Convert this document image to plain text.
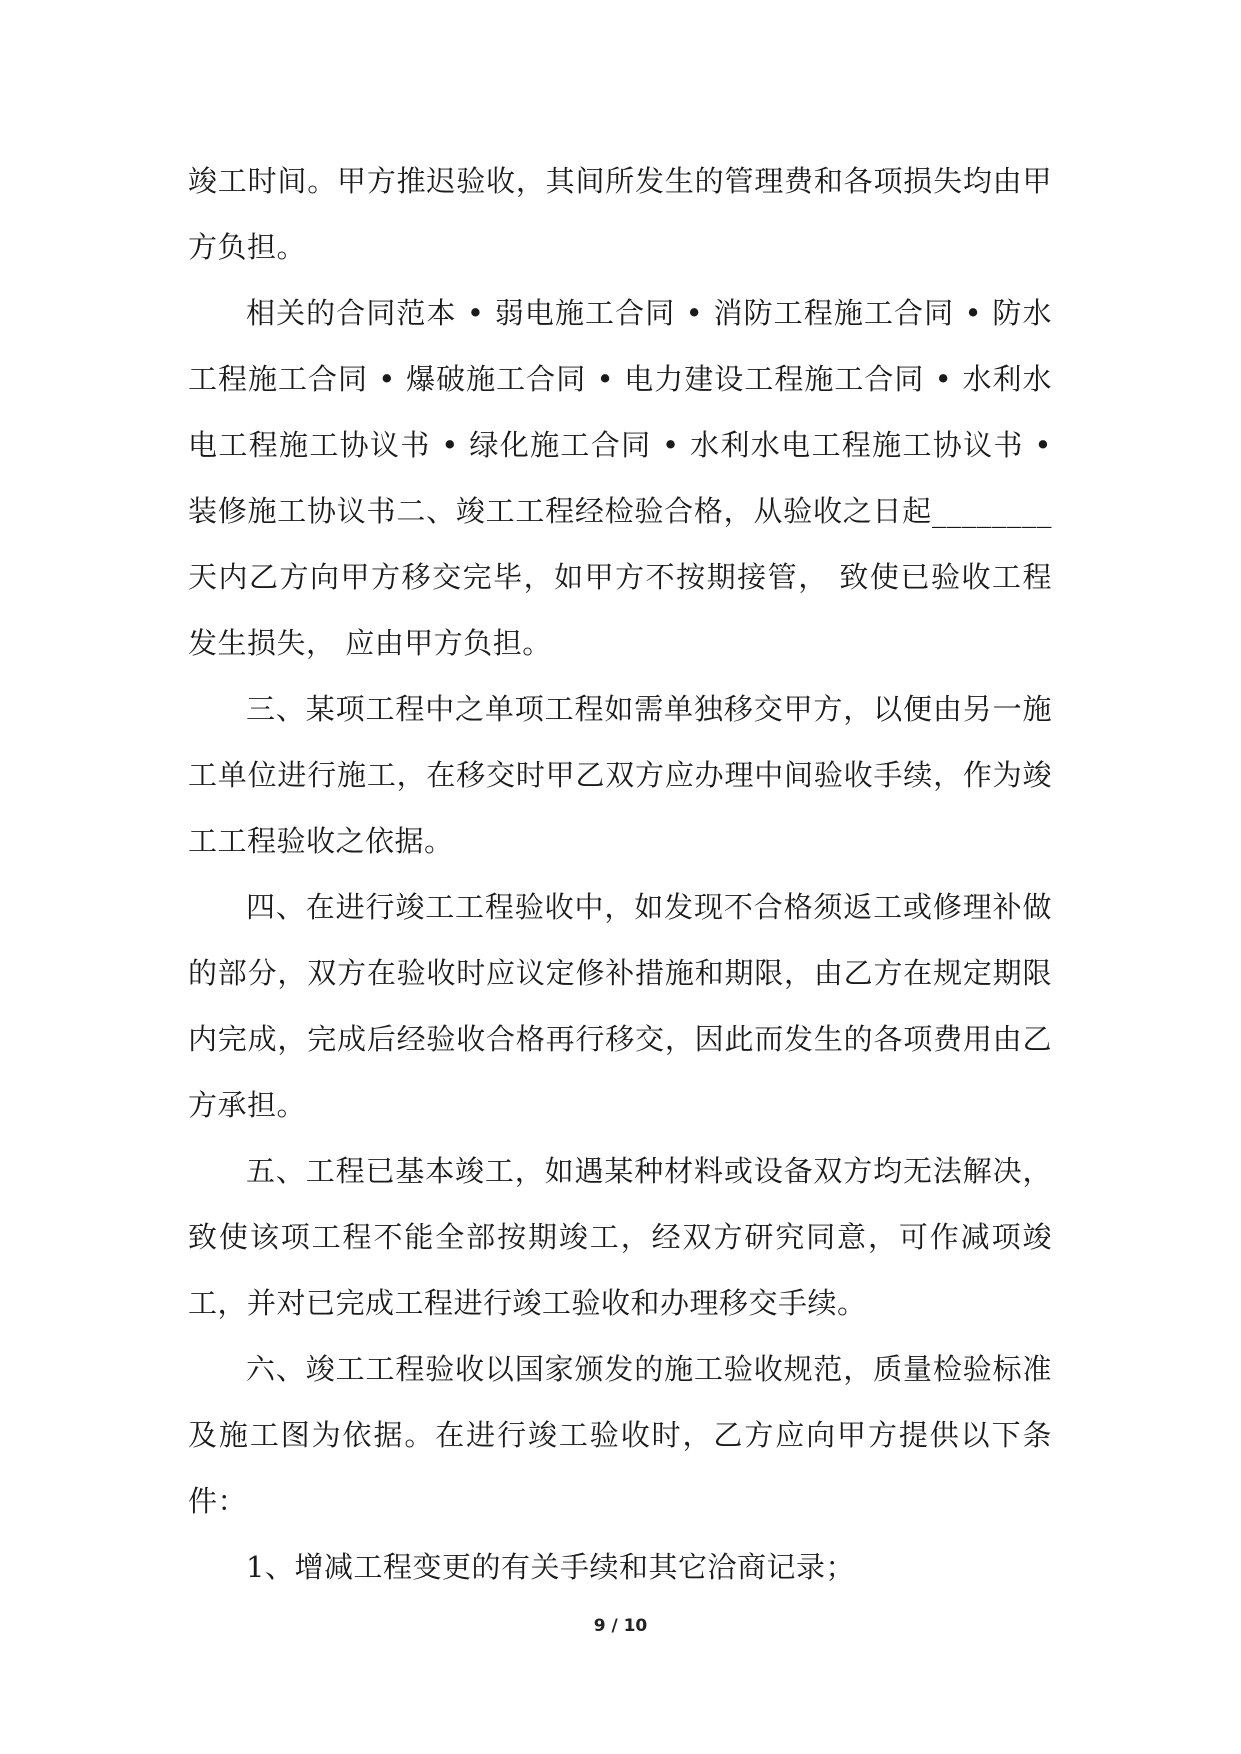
竣工时间。甲方推迟验收，其间所发生的管理费和各项损失均由甲方负担。

相关的合同范本 • 弱电施工合同 • 消防工程施工合同 • 防水工程施工合同 • 爆破施工合同 • 电力建设工程施工合同 • 水利水电工程施工协议书 • 绿化施工合同 • 水利水电工程施工协议书 • 装修施工协议书二、竣工工程经检验合格，从验收之日起________天内乙方向甲方移交完毕，如甲方不按期接管， 致使已验收工程发生损失， 应由甲方负担。

三、某项工程中之单项工程如需单独移交甲方，以便由另一施工单位进行施工，在移交时甲乙双方应办理中间验收手续，作为竣工工程验收之依据。

四、在进行竣工工程验收中，如发现不合格须返工或修理补做的部分，双方在验收时应议定修补措施和期限，由乙方在规定期限内完成，完成后经验收合格再行移交，因此而发生的各项费用由乙方承担。

五、工程已基本竣工，如遇某种材料或设备双方均无法解决，致使该项工程不能全部按期竣工，经双方研究同意，可作减项竣工，并对已完成工程进行竣工验收和办理移交手续。

六、竣工工程验收以国家颁发的施工验收规范，质量检验标准及施工图为依据。在进行竣工验收时，乙方应向甲方提供以下条件：

1、增减工程变更的有关手续和其它洽商记录；

9 / 10
